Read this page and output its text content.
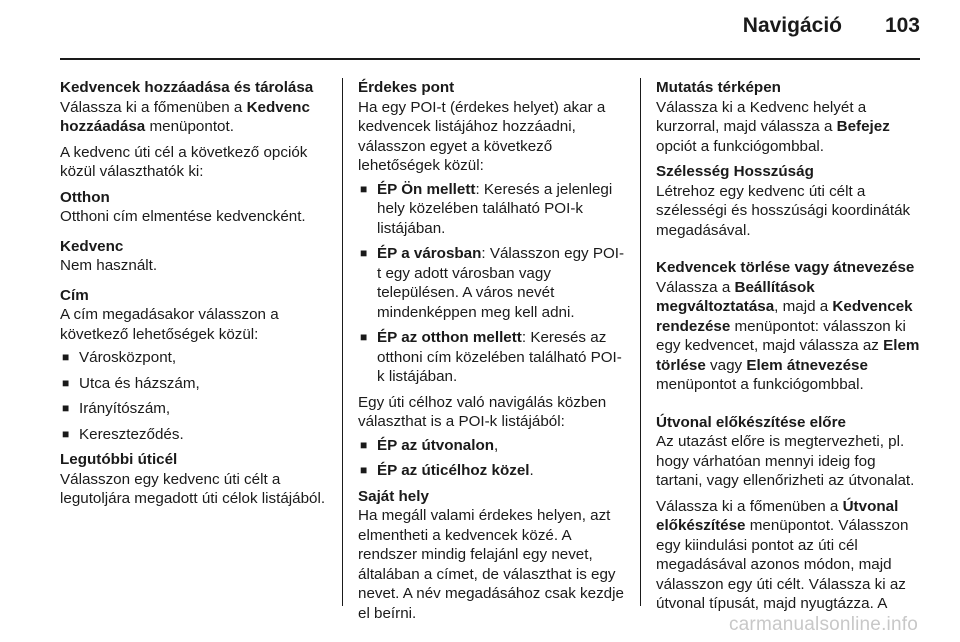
Navigáció 103

Kedvencek hozzáadása és tárolása
Válassza ki a főmenüben a Kedvenc hozzáadása menüpontot.

A kedvenc úti cél a következő opciók közül választhatók ki:

Otthon
Otthoni cím elmentése kedvencként.

Kedvenc
Nem használt.

Cím
A cím megadásakor válasszon a következő lehetőségek közül:

■ Városközpont,
■ Utca és házszám,
■ Irányítószám,
■ Kereszteződés.

Legutóbbi úticél
Válasszon egy kedvenc úti célt a legutoljára megadott úti célok listájából.

Érdekes pont
Ha egy POI-t (érdekes helyet) akar a kedvencek listájához hozzáadni, válasszon egyet a következő lehetőségek közül:

■ ÉP Ön mellett: Keresés a jelenlegi hely közelében található POI-k listájában.
■ ÉP a városban: Válasszon egy POI-t egy adott városban vagy településen. A város nevét mindenképpen meg kell adni.
■ ÉP az otthon mellett: Keresés az otthoni cím közelében található POI-k listájában.

Egy úti célhoz való navigálás közben választhat is a POI-k listájából:

■ ÉP az útvonalon,
■ ÉP az úticélhoz közel.

Saját hely
Ha megáll valami érdekes helyen, azt elmentheti a kedvencek közé. A rendszer mindig felajánl egy nevet, általában a címet, de választhat is egy nevet. A név megadásához csak kezdje el beírni.

Mutatás térképen
Válassza ki a Kedvenc helyét a kurzorral, majd válassza a Befejez opciót a funkciógombbal.

Szélesség Hosszúság
Létrehoz egy kedvenc úti célt a szélességi és hosszúsági koordináták megadásával.

Kedvencek törlése vagy átnevezése
Válassza a Beállítások megváltoztatása, majd a Kedvencek rendezése menüpontot: válasszon ki egy kedvencet, majd válassza az Elem törlése vagy Elem átnevezése menüpontot a funkciógombbal.

Útvonal előkészítése előre
Az utazást előre is megtervezheti, pl. hogy várhatóan mennyi ideig fog tartani, vagy ellenőrizheti az útvonalat.

Válassza ki a főmenüben a Útvonal előkészítése menüpontot. Válasszon egy kiindulási pontot az úti cél megadásával azonos módon, majd válasszon egy úti célt. Válassza ki az útvonal típusát, majd nyugtázza. A

carmanualsonline.info
